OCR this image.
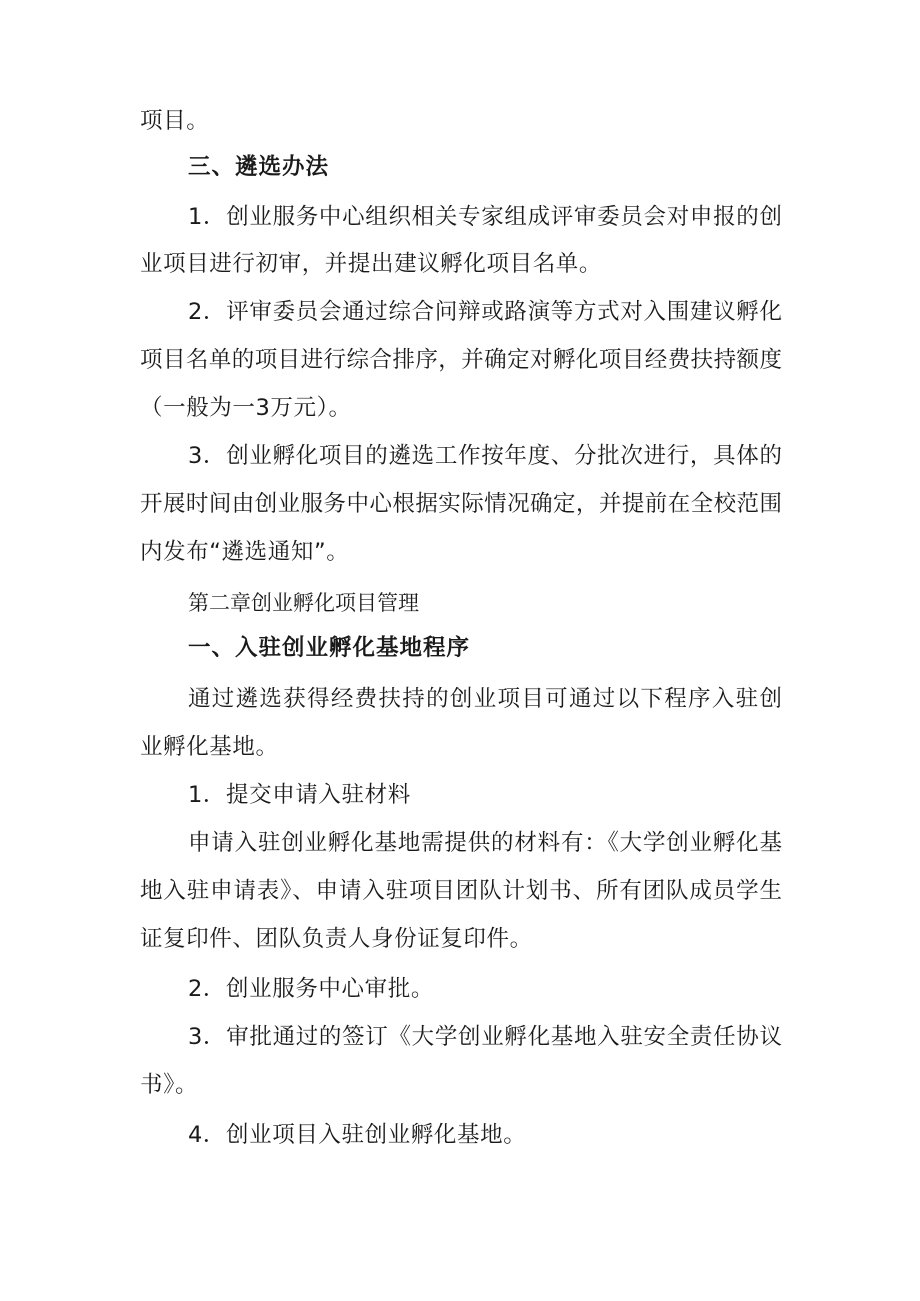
项目。
三、遴选办法
1．创业服务中心组织相关专家组成评审委员会对申报的创
业项目进行初审，并提出建议孵化项目名单。
2．评审委员会通过综合问辩或路演等方式对入围建议孵化
项目名单的项目进行综合排序，并确定对孵化项目经费扶持额度
（一般为一3万元）。
3．创业孵化项目的遴选工作按年度、分批次进行，具体的
开展时间由创业服务中心根据实际情况确定，并提前在全校范围
内发布“遴选通知”。
第二章创业孵化项目管理
一、入驻创业孵化基地程序
通过遴选获得经费扶持的创业项目可通过以下程序入驻创
业孵化基地。
1．提交申请入驻材料
申请入驻创业孵化基地需提供的材料有：《大学创业孵化基
地入驻申请表》、申请入驻项目团队计划书、所有团队成员学生
证复印件、团队负责人身份证复印件。
2．创业服务中心审批。
3．审批通过的签订《大学创业孵化基地入驻安全责任协议
书》。
4．创业项目入驻创业孵化基地。
